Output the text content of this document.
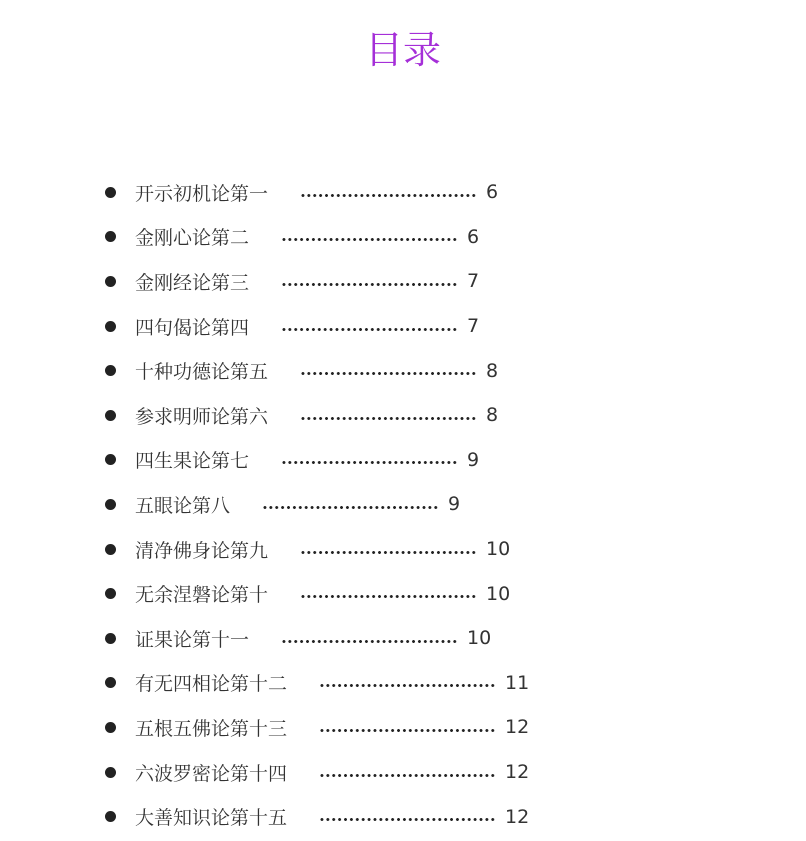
目录
开示初机论第一	6
金刚心论第二	6
金刚经论第三	7
四句偈论第四	7
十种功德论第五	8
参求明师论第六	8
四生果论第七	9
五眼论第八	9
清净佛身论第九	10
无余涅磐论第十	10
证果论第十一	10
有无四相论第十二	11
五根五佛论第十三	12
六波罗密论第十四	12
大善知识论第十五	12
